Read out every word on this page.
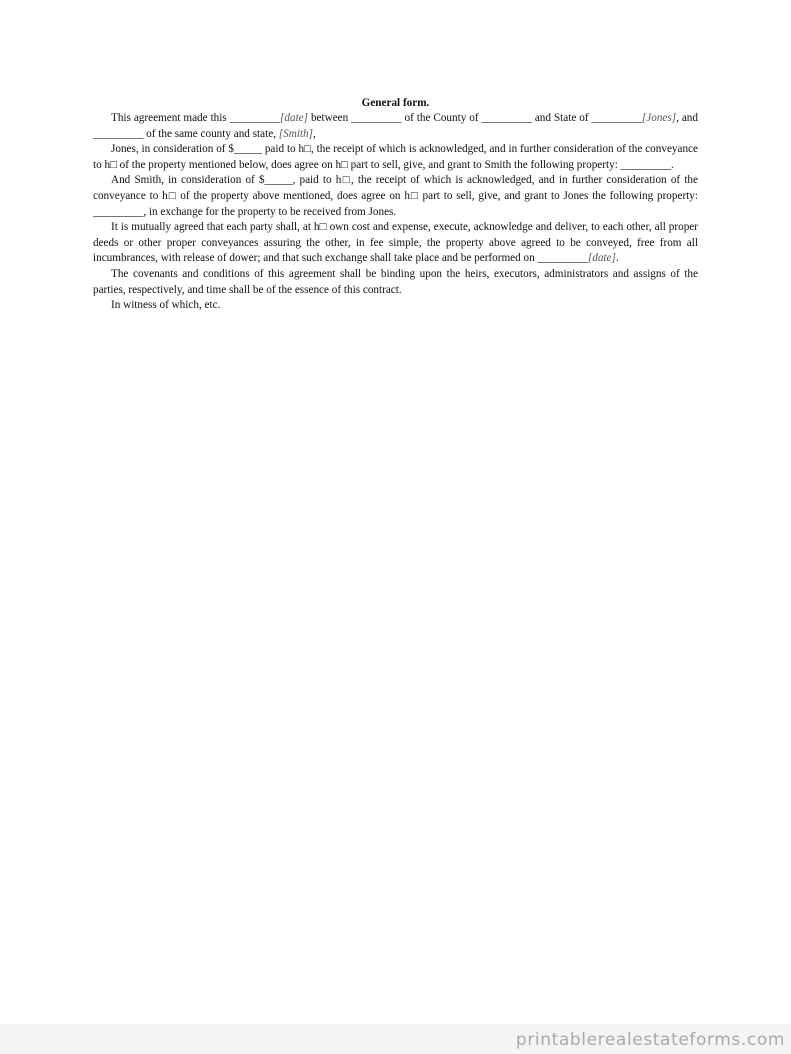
General form.

This agreement made this _________[date] between _________ of the County of _________ and State of _________[Jones], and _________ of the same county and state, [Smith],

Jones, in consideration of $_____ paid to h□, the receipt of which is acknowledged, and in further consideration of the conveyance to h□ of the property mentioned below, does agree on h□ part to sell, give, and grant to Smith the following property: _________.

And Smith, in consideration of $_____, paid to h□, the receipt of which is acknowledged, and in further consideration of the conveyance to h□ of the property above mentioned, does agree on h□ part to sell, give, and grant to Jones the following property: _________, in exchange for the property to be received from Jones.

It is mutually agreed that each party shall, at h□ own cost and expense, execute, acknowledge and deliver, to each other, all proper deeds or other proper conveyances assuring the other, in fee simple, the property above agreed to be conveyed, free from all incumbrances, with release of dower; and that such exchange shall take place and be performed on _________[date].

The covenants and conditions of this agreement shall be binding upon the heirs, executors, administrators and assigns of the parties, respectively, and time shall be of the essence of this contract.

In witness of which, etc.

printablerealestateforms.com
